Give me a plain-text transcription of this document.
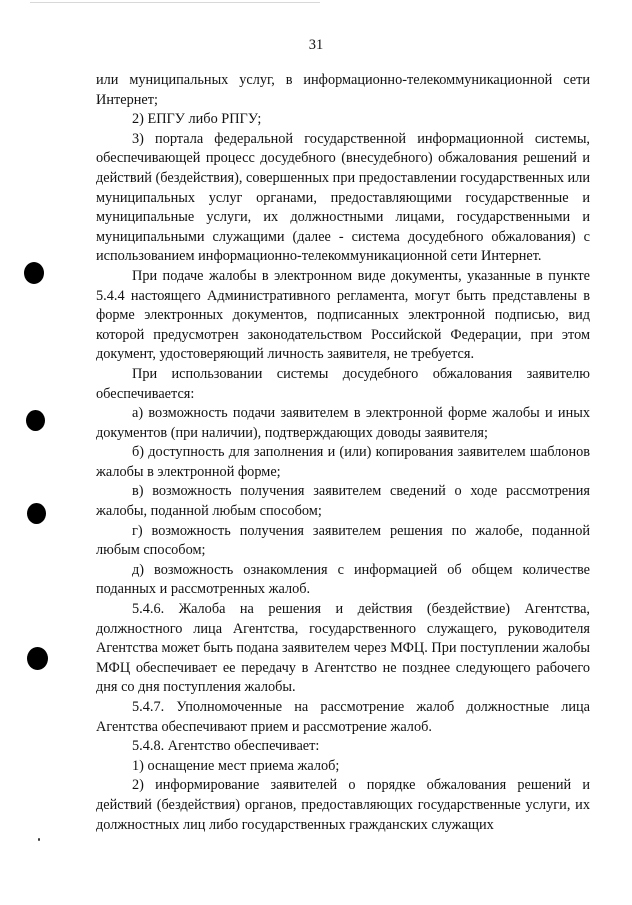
31

или муниципальных услуг, в информационно-телекоммуникационной сети Интернет;

2) ЕПГУ либо РПГУ;

3) портала федеральной государственной информационной системы, обеспечивающей процесс досудебного (внесудебного) обжалования решений и действий (бездействия), совершенных при предоставлении государственных или муниципальных услуг органами, предоставляющими государственные и муниципальные услуги, их должностными лицами, государственными и муниципальными служащими (далее - система досудебного обжалования) с использованием информационно-телекоммуникационной сети Интернет.

При подаче жалобы в электронном виде документы, указанные в пункте 5.4.4 настоящего Административного регламента, могут быть представлены в форме электронных документов, подписанных электронной подписью, вид которой предусмотрен законодательством Российской Федерации, при этом документ, удостоверяющий личность заявителя, не требуется.

При использовании системы досудебного обжалования заявителю обеспечивается:

а) возможность подачи заявителем в электронной форме жалобы и иных документов (при наличии), подтверждающих доводы заявителя;

б) доступность для заполнения и (или) копирования заявителем шаблонов жалобы в электронной форме;

в) возможность получения заявителем сведений о ходе рассмотрения жалобы, поданной любым способом;

г) возможность получения заявителем решения по жалобе, поданной любым способом;

д) возможность ознакомления с информацией об общем количестве поданных и рассмотренных жалоб.

5.4.6. Жалоба на решения и действия (бездействие) Агентства, должностного лица Агентства, государственного служащего, руководителя Агентства может быть подана заявителем через МФЦ. При поступлении жалобы МФЦ обеспечивает ее передачу в Агентство не позднее следующего рабочего дня со дня поступления жалобы.

5.4.7. Уполномоченные на рассмотрение жалоб должностные лица Агентства обеспечивают прием и рассмотрение жалоб.

5.4.8. Агентство обеспечивает:

1) оснащение мест приема жалоб;

2) информирование заявителей о порядке обжалования решений и действий (бездействия) органов, предоставляющих государственные услуги, их должностных лиц либо государственных гражданских служащих
